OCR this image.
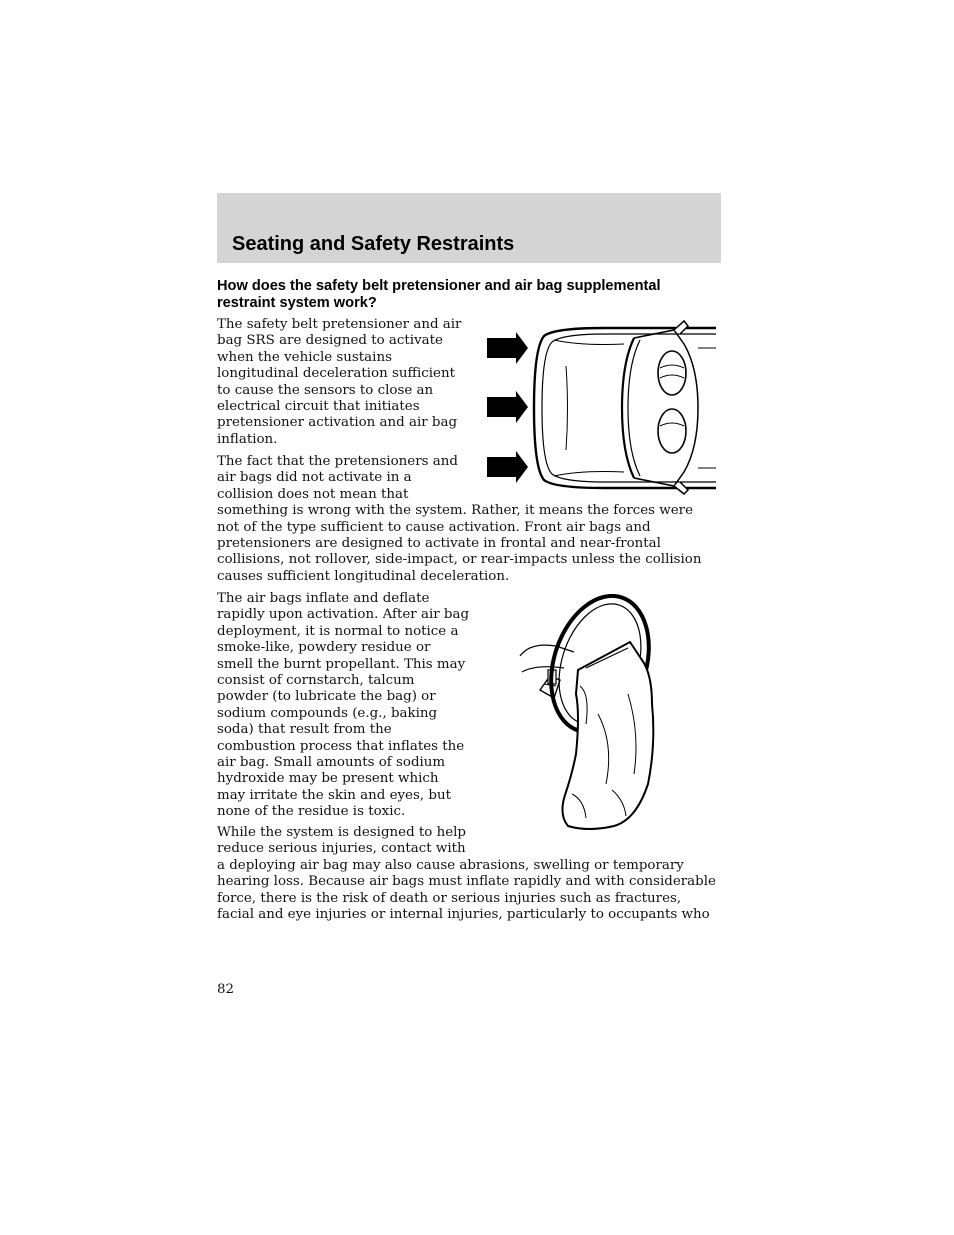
Seating and Safety Restraints
How does the safety belt pretensioner and air bag supplemental restraint system work?
The safety belt pretensioner and air
bag SRS are designed to activate
when the vehicle sustains
longitudinal deceleration sufficient
to cause the sensors to close an
electrical circuit that initiates
pretensioner activation and air bag
inflation.
The fact that the pretensioners and
air bags did not activate in a
collision does not mean that
something is wrong with the system. Rather, it means the forces were
not of the type sufficient to cause activation. Front air bags and
pretensioners are designed to activate in frontal and near-frontal
collisions, not rollover, side-impact, or rear-impacts unless the collision
causes sufficient longitudinal deceleration.
The air bags inflate and deflate
rapidly upon activation. After air bag
deployment, it is normal to notice a
smoke-like, powdery residue or
smell the burnt propellant. This may
consist of cornstarch, talcum
powder (to lubricate the bag) or
sodium compounds (e.g., baking
soda) that result from the
combustion process that inflates the
air bag. Small amounts of sodium
hydroxide may be present which
may irritate the skin and eyes, but
none of the residue is toxic.
While the system is designed to help
reduce serious injuries, contact with
a deploying air bag may also cause abrasions, swelling or temporary
hearing loss. Because air bags must inflate rapidly and with considerable
force, there is the risk of death or serious injuries such as fractures,
facial and eye injuries or internal injuries, particularly to occupants who
82
